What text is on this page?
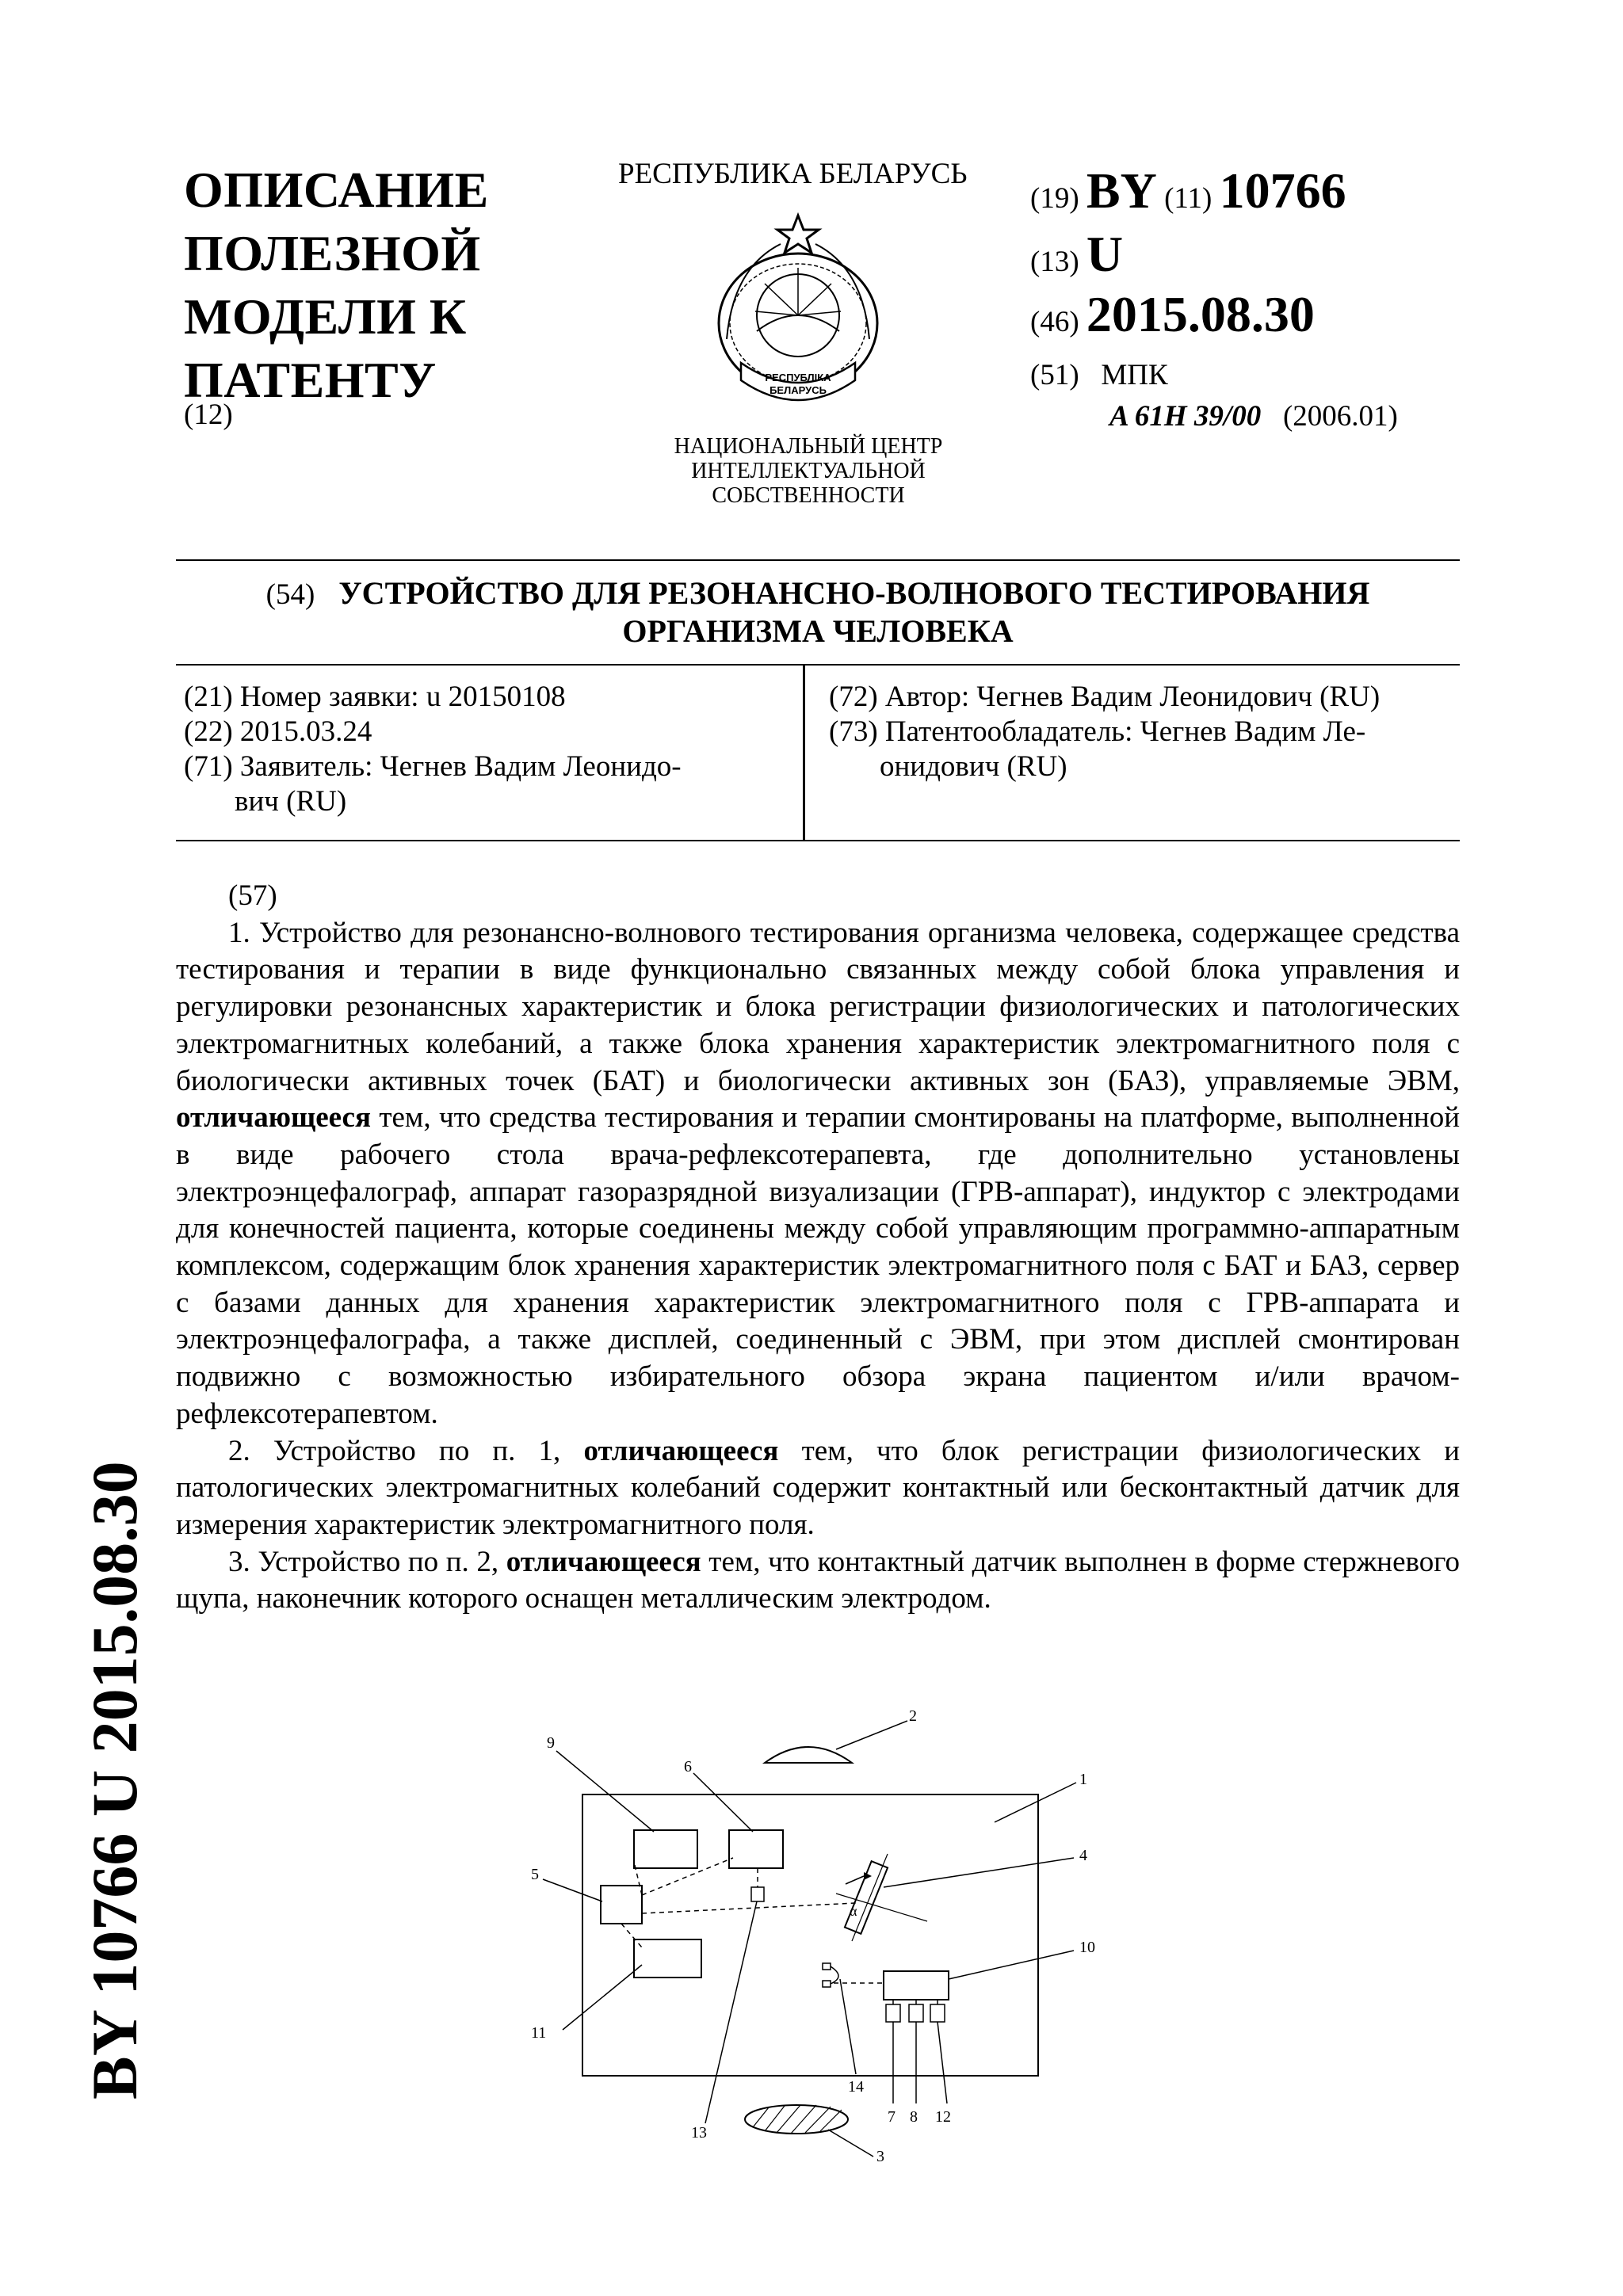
ОПИСАНИЕ
ПОЛЕЗНОЙ
МОДЕЛИ К
ПАТЕНТУ
(12)
РЕСПУБЛИКА БЕЛАРУСЬ
РЕСПУБЛІКА
БЕЛАРУСЬ
НАЦИОНАЛЬНЫЙ ЦЕНТР
ИНТЕЛЛЕКТУАЛЬНОЙ
СОБСТВЕННОСТИ
(19) BY (11) 10766
(13) U
(46) 2015.08.30
(51) МПК
A 61H 39/00 (2006.01)
(54) УСТРОЙСТВО ДЛЯ РЕЗОНАНСНО-ВОЛНОВОГО ТЕСТИРОВАНИЯ
ОРГАНИЗМА ЧЕЛОВЕКА
(21) Номер заявки: u 20150108
(22) 2015.03.24
(71) Заявитель: Чегнев Вадим Леонидо-
вич (RU)
(72) Автор: Чегнев Вадим Леонидович (RU)
(73) Патентообладатель: Чегнев Вадим Ле-
онидович (RU)

(57)

1. Устройство для резонансно-волнового тестирования организма человека, содержащее средства тестирования и терапии в виде функционально связанных между собой блока управления и регулировки резонансных характеристик и блока регистрации физиологических и патологических электромагнитных колебаний, а также блока хранения характеристик электромагнитного поля с биологически активных точек (БАТ) и биологически активных зон (БАЗ), управляемые ЭВМ, отличающееся тем, что средства тестирования и терапии смонтированы на платформе, выполненной в виде рабочего стола врача-рефлексотерапевта, где дополнительно установлены электроэнцефалограф, аппарат газоразрядной визуализации (ГРВ-аппарат), индуктор с электродами для конечностей пациента, которые соединены между собой управляющим программно-аппаратным комплексом, содержащим блок хранения характеристик электромагнитного поля с БАТ и БАЗ, сервер с базами данных для хранения характеристик электромагнитного поля с ГРВ-аппарата и электроэнцефалографа, а также дисплей, соединенный с ЭВМ, при этом дисплей смонтирован подвижно с возможностью избирательного обзора экрана пациентом и/или врачом-рефлексотерапевтом.

2. Устройство по п. 1, отличающееся тем, что блок регистрации физиологических и патологических электромагнитных колебаний содержит контактный или бесконтактный датчик для измерения характеристик электромагнитного поля.

3. Устройство по п. 2, отличающееся тем, что контактный датчик выполнен в форме стержневого щупа, наконечник которого оснащен металлическим электродом.

BY 10766 U 2015.08.30	2
1
9
6
5
11
13
α
4
14
10
7 8 12
3
